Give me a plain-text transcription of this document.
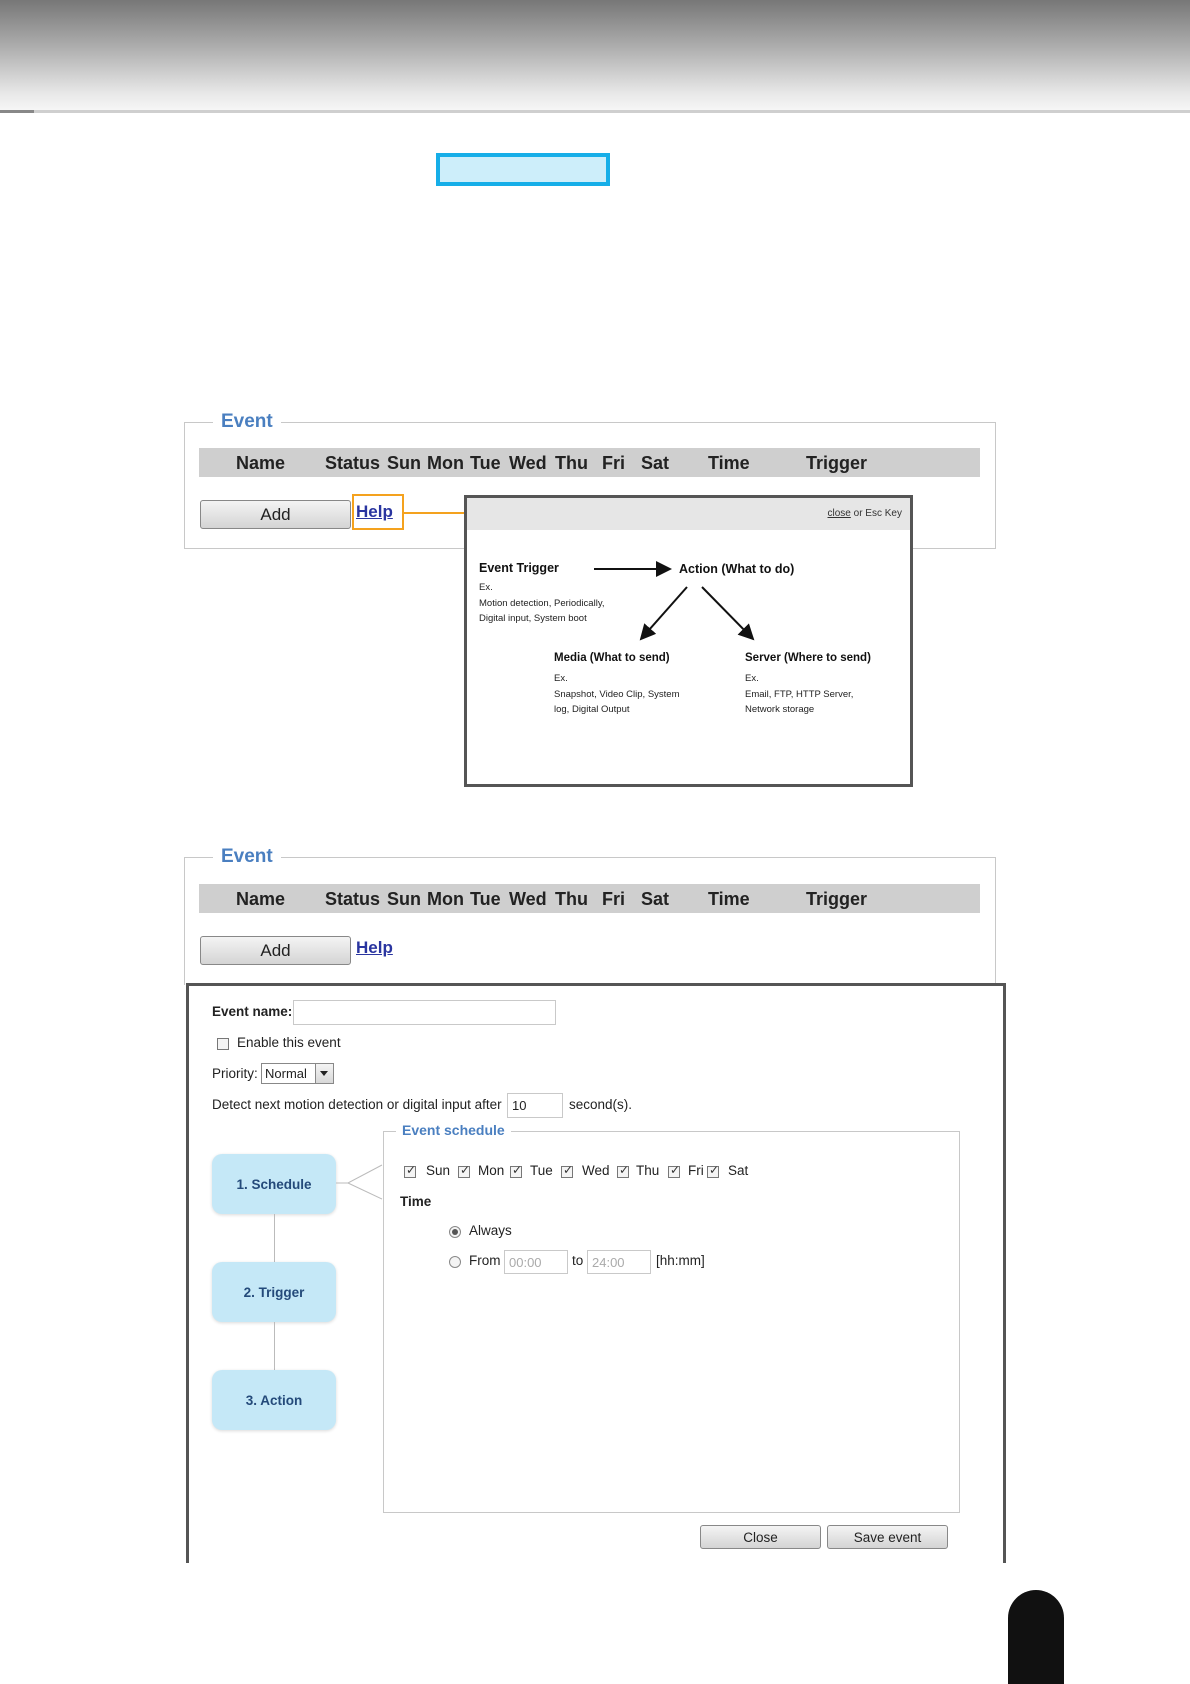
Event
Name Status Sun Mon Tue Wed Thu Fri Sat Time	Trigger
Add	Help	close or Esc Key
Event Trigger
Ex.
Motion detection, Periodically,
Digital input, System boot
Action (What to do)
Media (What to send)
Ex.
Snapshot, Video Clip, System
log, Digital Output
Server (Where to send)
Ex.
Email, FTP, HTTP Server,
Network storage
Event
Name Status Sun Mon Tue Wed Thu Fri Sat Time	Trigger
Add	Help
Event name:
Enable this event
Priority: Normal
Detect next motion detection or digital input after
10	second(s).
1. Schedule
2. Trigger
3. Action
Event schedule
✓
Sun ✓ Mon ✓ Tue ✓ Wed ✓ Thu ✓ Fri ✓ Sat
Time
Always
From
00:00	to
24:00	[hh:mm]
Close	Save event
